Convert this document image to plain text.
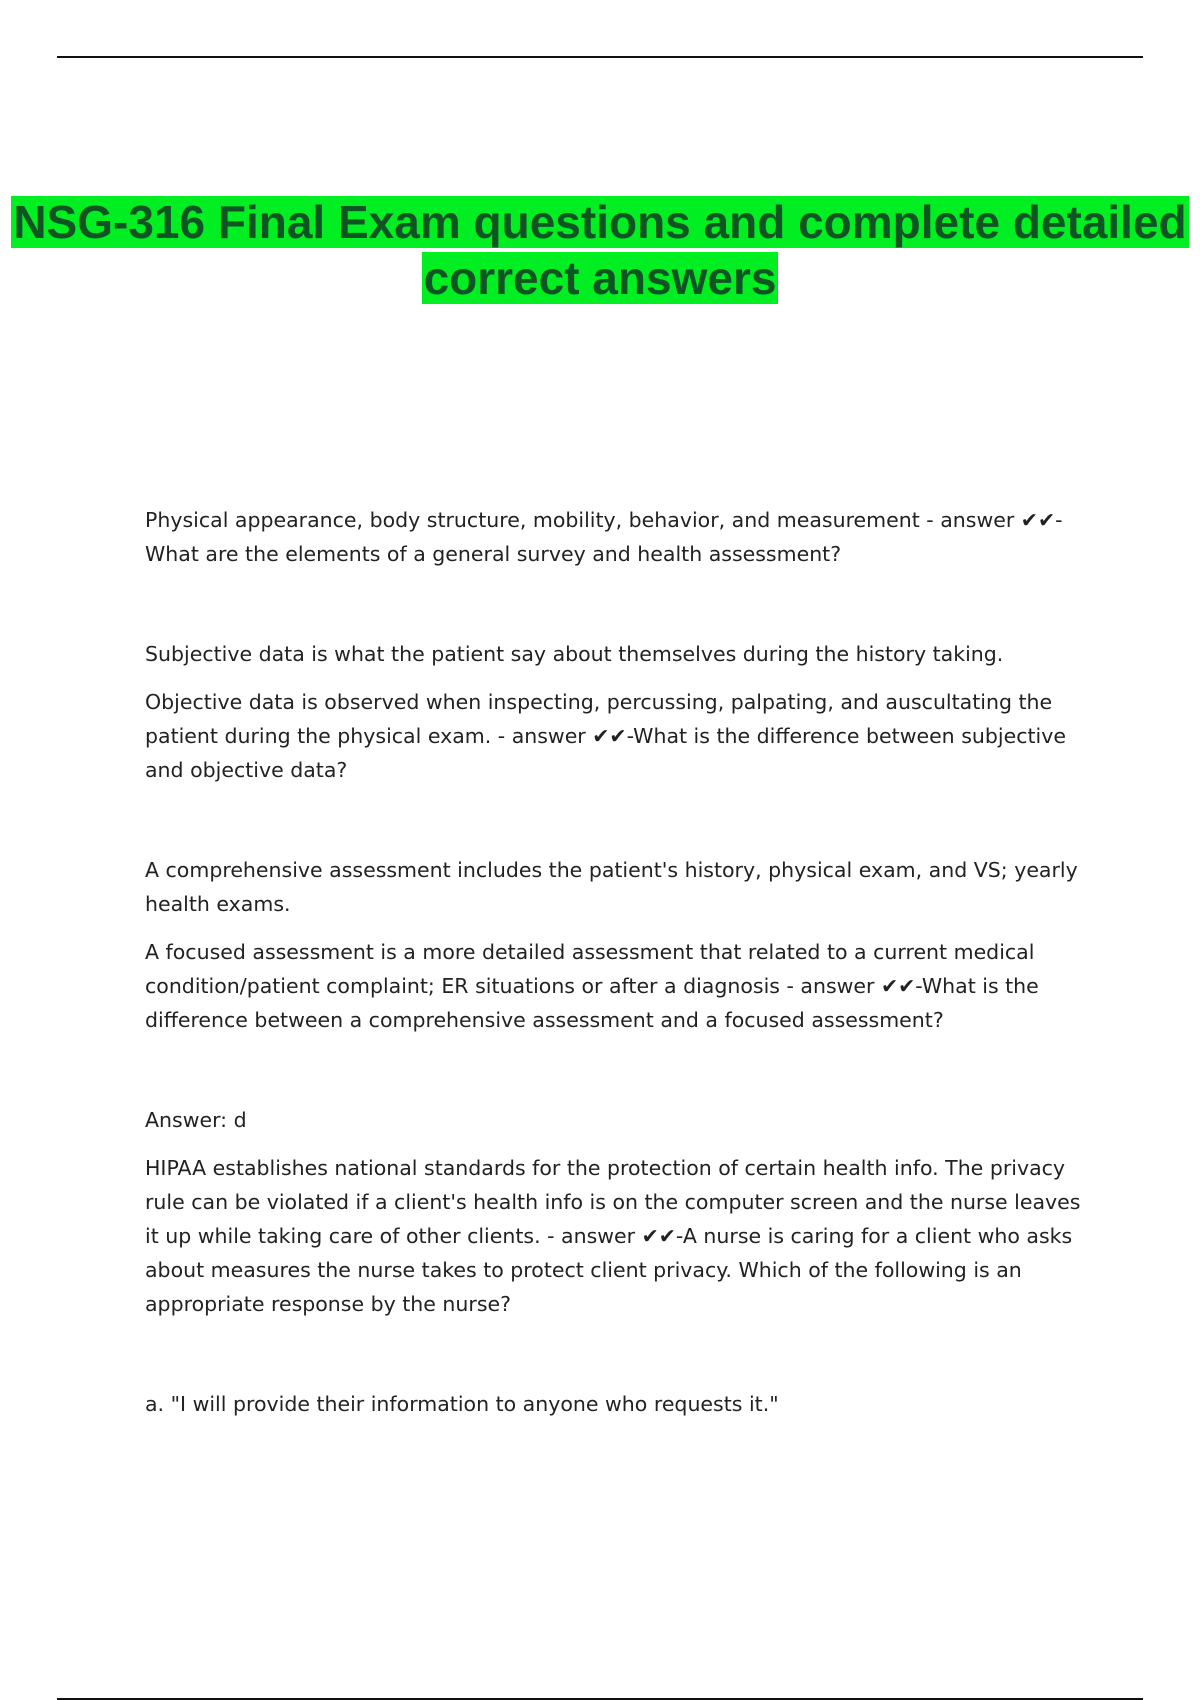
NSG-316 Final Exam questions and complete detailed correct answers

Physical appearance, body structure, mobility, behavior, and measurement - answer ✔✔-What are the elements of a general survey and health assessment?

Subjective data is what the patient say about themselves during the history taking.

Objective data is observed when inspecting, percussing, palpating, and auscultating the patient during the physical exam. - answer ✔✔-What is the difference between subjective and objective data?

A comprehensive assessment includes the patient's history, physical exam, and VS; yearly health exams.

A focused assessment is a more detailed assessment that related to a current medical condition/patient complaint; ER situations or after a diagnosis - answer ✔✔-What is the difference between a comprehensive assessment and a focused assessment?

Answer: d

HIPAA establishes national standards for the protection of certain health info. The privacy rule can be violated if a client's health info is on the computer screen and the nurse leaves it up while taking care of other clients. - answer ✔✔-A nurse is caring for a client who asks about measures the nurse takes to protect client privacy. Which of the following is an appropriate response by the nurse?

a. "I will provide their information to anyone who requests it."
